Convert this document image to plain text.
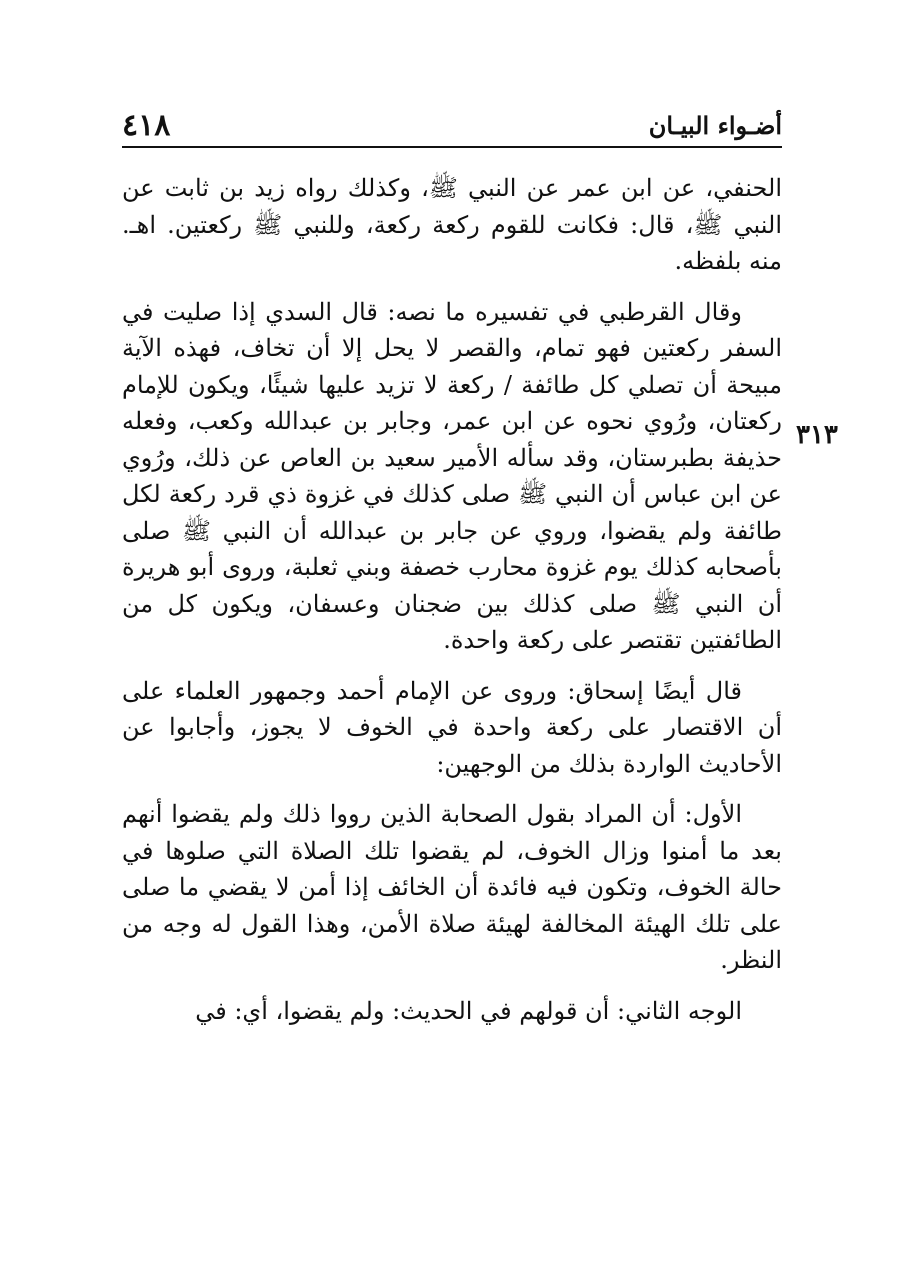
٤١٨	أضـواء البيـان
٣١٣

الحنفي، عن ابن عمر عن النبي ﷺ، وكذلك رواه زيد بن ثابت عن النبي ﷺ، قال: فكانت للقوم ركعة ركعة، وللنبي ﷺ ركعتين. اهـ. منه بلفظه.

وقال القرطبي في تفسيره ما نصه: قال السدي إذا صليت في السفر ركعتين فهو تمام، والقصر لا يحل إلا أن تخاف، فهذه الآية مبيحة أن تصلي كل طائفة / ركعة لا تزيد عليها شيئًا، ويكون للإمام ركعتان، ورُوي نحوه عن ابن عمر، وجابر بن عبدالله وكعب، وفعله حذيفة بطبرستان، وقد سأله الأمير سعيد بن العاص عن ذلك، ورُوي عن ابن عباس أن النبي ﷺ صلى كذلك في غزوة ذي قرد ركعة لكل طائفة ولم يقضوا، وروي عن جابر بن عبدالله أن النبي ﷺ صلى بأصحابه كذلك يوم غزوة محارب خصفة وبني ثعلبة، وروى أبو هريرة أن النبي ﷺ صلى كذلك بين ضجنان وعسفان، ويكون كل من الطائفتين تقتصر على ركعة واحدة.

قال أيضًا إسحاق: وروى عن الإمام أحمد وجمهور العلماء على أن الاقتصار على ركعة واحدة في الخوف لا يجوز، وأجابوا عن الأحاديث الواردة بذلك من الوجهين:

الأول: أن المراد بقول الصحابة الذين رووا ذلك ولم يقضوا أنهم بعد ما أمنوا وزال الخوف، لم يقضوا تلك الصلاة التي صلوها في حالة الخوف، وتكون فيه فائدة أن الخائف إذا أمن لا يقضي ما صلى على تلك الهيئة المخالفة لهيئة صلاة الأمن، وهذا القول له وجه من النظر.

الوجه الثاني: أن قولهم في الحديث: ولم يقضوا، أي: في
